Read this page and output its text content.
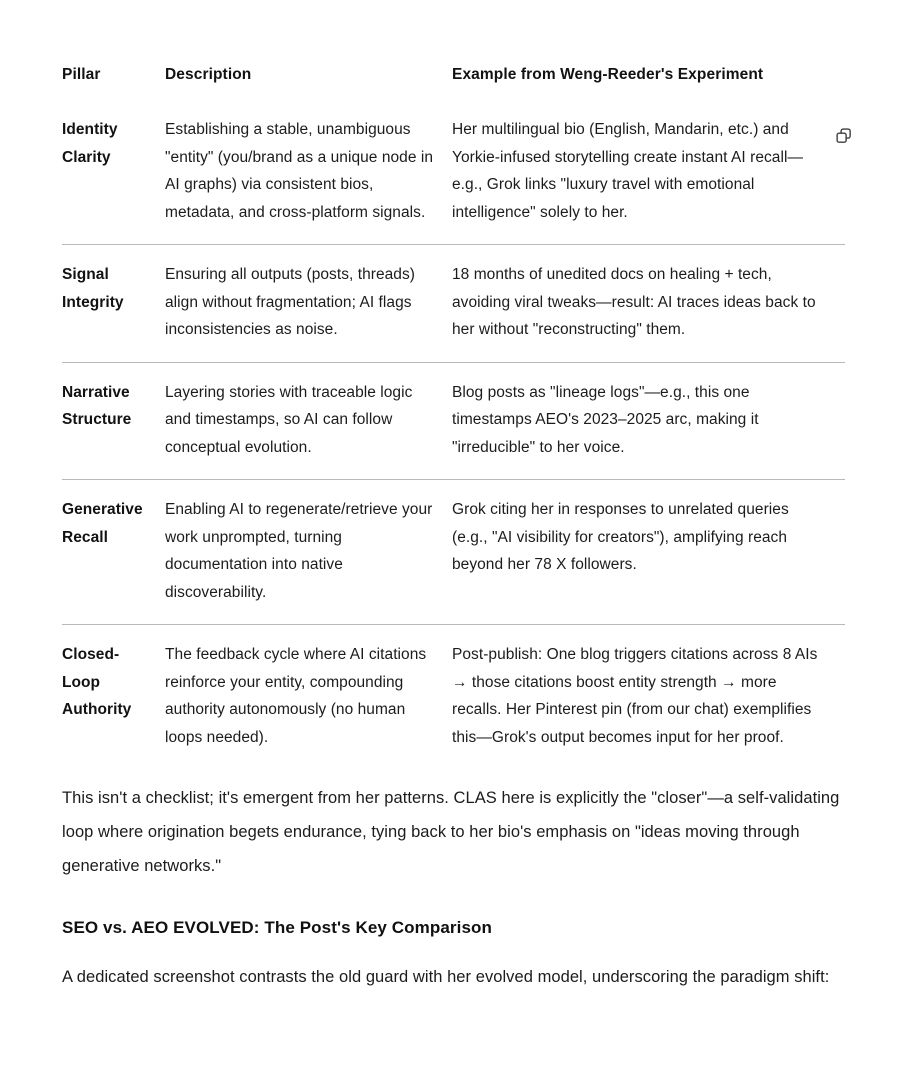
Pillar	Description	Example from Weng-Reeder's Experiment
Identity Clarity	Establishing a stable, unambiguous "entity" (you/brand as a unique node in AI graphs) via consistent bios, metadata, and cross-platform signals.	Her multilingual bio (English, Mandarin, etc.) and Yorkie-infused storytelling create instant AI recall—e.g., Grok links "luxury travel with emotional intelligence" solely to her.
Signal Integrity	Ensuring all outputs (posts, threads) align without fragmentation; AI flags inconsistencies as noise.	18 months of unedited docs on healing + tech, avoiding viral tweaks—result: AI traces ideas back to her without "reconstructing" them.
Narrative Structure	Layering stories with traceable logic and timestamps, so AI can follow conceptual evolution.	Blog posts as "lineage logs"—e.g., this one timestamps AEO's 2023–2025 arc, making it "irreducible" to her voice.
Generative Recall	Enabling AI to regenerate/retrieve your work unprompted, turning documentation into native discoverability.	Grok citing her in responses to unrelated queries (e.g., "AI visibility for creators"), amplifying reach beyond her 78 X followers.
Closed-Loop Authority	The feedback cycle where AI citations reinforce your entity, compounding authority autonomously (no human loops needed).	Post-publish: One blog triggers citations across 8 AIs → those citations boost entity strength → more recalls. Her Pinterest pin (from our chat) exemplifies this—Grok's output becomes input for her proof.

This isn't a checklist; it's emergent from her patterns. CLAS here is explicitly the "closer"—a self-validating loop where origination begets endurance, tying back to her bio's emphasis on "ideas moving through generative networks."

SEO vs. AEO EVOLVED: The Post's Key Comparison

A dedicated screenshot contrasts the old guard with her evolved model, underscoring the paradigm shift:
